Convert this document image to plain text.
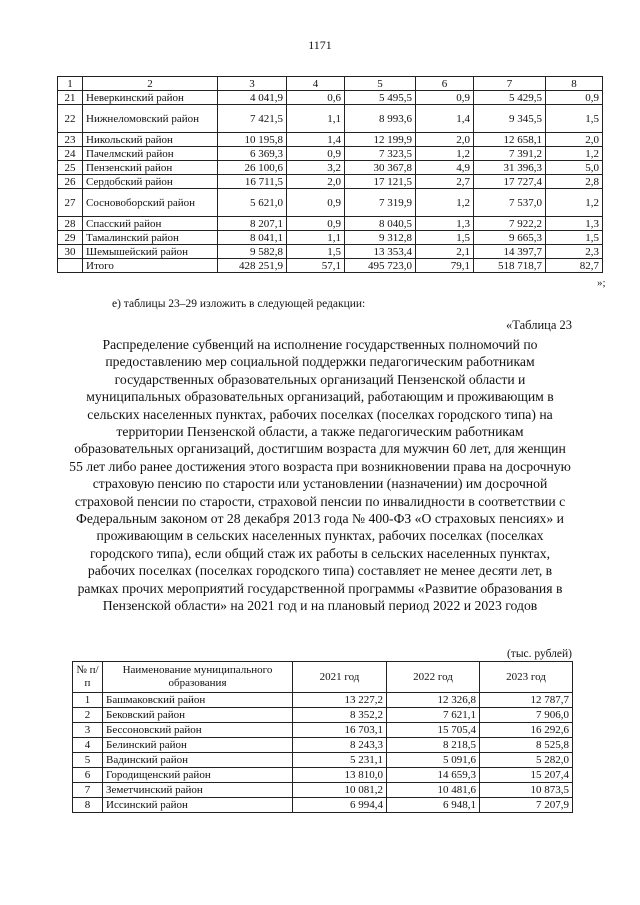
1171
1	2	3	4	5	6	7	8
21	Неверкинский район	4 041,9	0,6	5 495,5	0,9	5 429,5	0,9
22	Нижнеломовский район	7 421,5	1,1	8 993,6	1,4	9 345,5	1,5
23	Никольский район	10 195,8	1,4	12 199,9	2,0	12 658,1	2,0
24	Пачелмский район	6 369,3	0,9	7 323,5	1,2	7 391,2	1,2
25	Пензенский район	26 100,6	3,2	30 367,8	4,9	31 396,3	5,0
26	Сердобский район	16 711,5	2,0	17 121,5	2,7	17 727,4	2,8
27	Сосновоборский район	5 621,0	0,9	7 319,9	1,2	7 537,0	1,2
28	Спасский район	8 207,1	0,9	8 040,5	1,3	7 922,2	1,3
29	Тамалинский район	8 041,1	1,1	9 312,8	1,5	9 665,3	1,5
30	Шемышейский район	9 582,8	1,5	13 353,4	2,1	14 397,7	2,3
	Итого	428 251,9	57,1	495 723,0	79,1	518 718,7	82,7
»;
е) таблицы 23–29 изложить в следующей редакции:
«Таблица 23
Распределение субвенций на исполнение государственных полномочий по предоставлению мер социальной поддержки педагогическим работникам государственных образовательных организаций Пензенской области и муниципальных образовательных организаций, работающим и проживающим в сельских населенных пунктах, рабочих поселках (поселках городского типа) на территории Пензенской области, а также педагогическим работникам образовательных организаций, достигшим возраста для мужчин 60 лет, для женщин 55 лет либо ранее достижения этого возраста при возникновении права на досрочную страховую пенсию по старости или установлении (назначении) им досрочной страховой пенсии по старости, страховой пенсии по инвалидности в соответствии с Федеральным законом от 28 декабря 2013 года № 400-ФЗ «О страховых пенсиях» и проживающим в сельских населенных пунктах, рабочих поселках (поселках городского типа), если общий стаж их работы в сельских населенных пунктах, рабочих поселках (поселках городского типа) составляет не менее десяти лет, в рамках прочих мероприятий государственной программы «Развитие образования в Пензенской области» на 2021 год и на плановый период 2022 и 2023 годов
(тыс. рублей)
№ п/п	Наименование муниципального образования	2021 год	2022 год	2023 год
1	Башмаковский район	13 227,2	12 326,8	12 787,7
2	Бековский район	8 352,2	7 621,1	7 906,0
3	Бессоновский район	16 703,1	15 705,4	16 292,6
4	Белинский район	8 243,3	8 218,5	8 525,8
5	Вадинский район	5 231,1	5 091,6	5 282,0
6	Городищенский район	13 810,0	14 659,3	15 207,4
7	Земетчинский район	10 081,2	10 481,6	10 873,5
8	Иссинский район	6 994,4	6 948,1	7 207,9
